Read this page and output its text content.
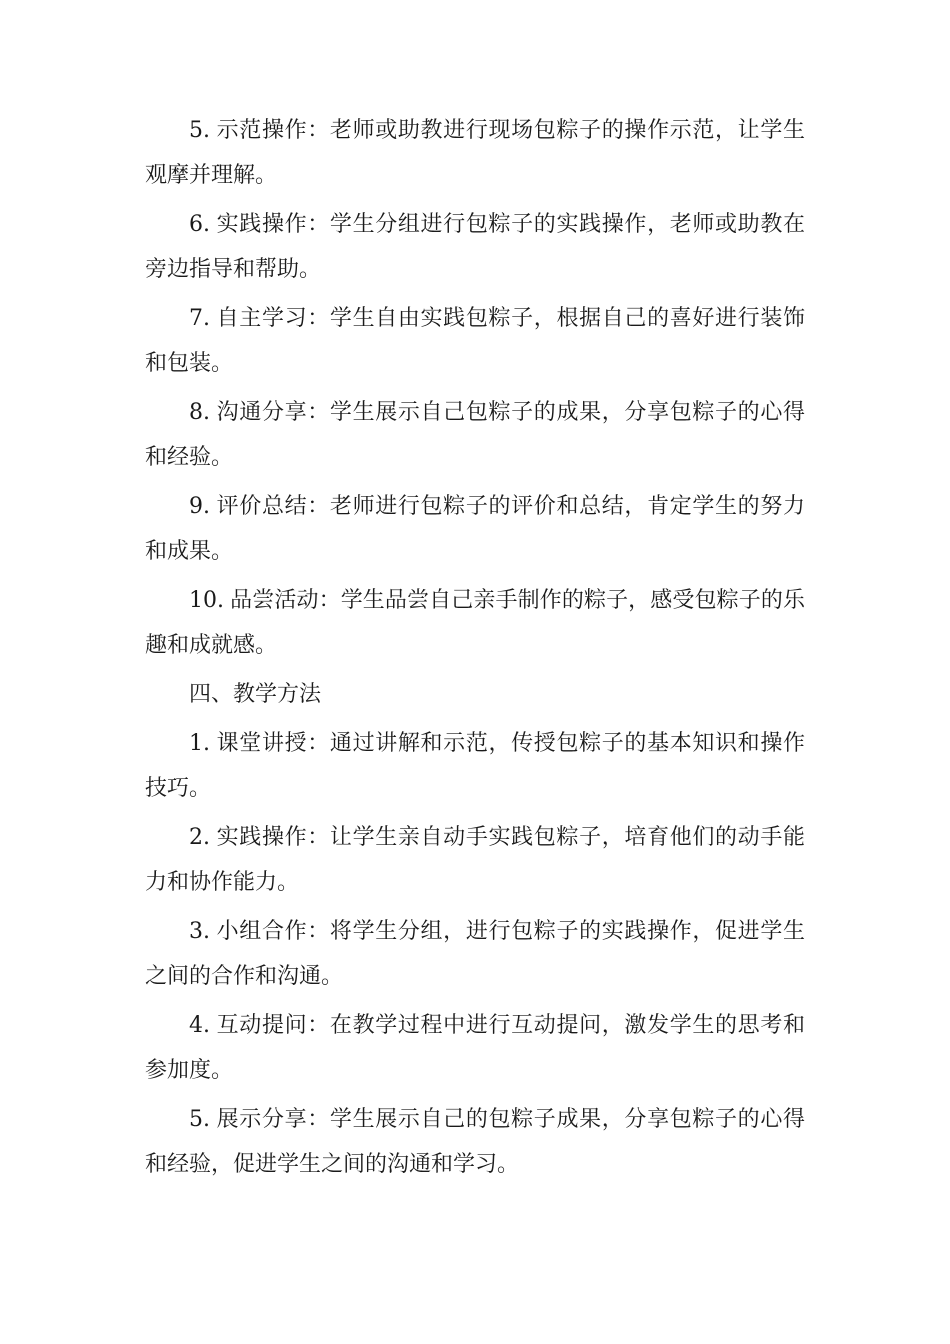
5. 示范操作：老师或助教进行现场包粽子的操作示范，让学生观摩并理解。

6. 实践操作：学生分组进行包粽子的实践操作，老师或助教在旁边指导和帮助。

7. 自主学习：学生自由实践包粽子，根据自己的喜好进行装饰和包装。

8. 沟通分享：学生展示自己包粽子的成果，分享包粽子的心得和经验。

9. 评价总结：老师进行包粽子的评价和总结，肯定学生的努力和成果。

10. 品尝活动：学生品尝自己亲手制作的粽子，感受包粽子的乐趣和成就感。

四、教学方法

1. 课堂讲授：通过讲解和示范，传授包粽子的基本知识和操作技巧。

2. 实践操作：让学生亲自动手实践包粽子，培育他们的动手能力和协作能力。

3. 小组合作：将学生分组，进行包粽子的实践操作，促进学生之间的合作和沟通。

4. 互动提问：在教学过程中进行互动提问，激发学生的思考和参加度。

5. 展示分享：学生展示自己的包粽子成果，分享包粽子的心得和经验，促进学生之间的沟通和学习。
